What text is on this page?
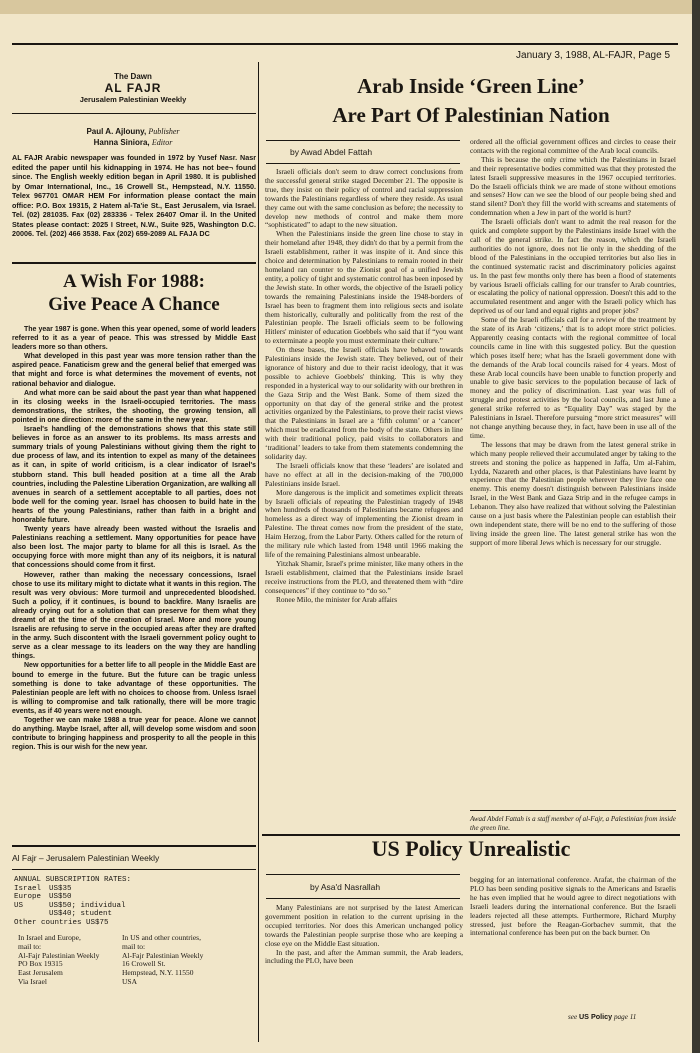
January 3, 1988, AL-FAJR, Page 5
The Dawn
AL FAJR
Jerusalem Palestinian Weekly
Paul A. Ajlouny, Publisher
Hanna Siniora, Editor
AL FAJR Arabic newspaper was founded in 1972 by Yusef Nasr. Nasr edited the paper until his kidnapping in 1974. He has not bee¬ found since. The English weekly edition began in April 1980. It is published by Omar International, Inc., 16 Crowell St., Hempstead, N.Y. 11550. Telex 967701 OMAR HEM For information please contact the main office: P.O. Box 19315, 2 Hatem al-Ta'ie St., East Jerusalem, via Israel. Tel. (02) 281035. Fax (02) 283336 - Telex 26407 Omar il. In the United States please contact: 2025 I Street, N.W., Suite 925, Washington D.C. 20006. Tel. (202) 466 3538. Fax (202) 659-2089 AL FAJA DC
A Wish For 1988:
Give Peace A Chance

The year 1987 is gone. When this year opened, some of world leaders referred to it as a year of peace. This was stressed by Middle East leaders more so than others.

What developed in this past year was more tension rather than the aspired peace. Fanaticism grew and the general belief that emerged was that might and force is what determines the movement of events, not rational behavior and dialogue.

And what more can be said about the past year than what happened in its closing weeks in the Israeli-occupied territories. The mass demonstrations, the strikes, the shooting, the growing tension, all pointed in one direction: more of the same in the new year.

Israel's handling of the demonstrations shows that this state still believes in force as an answer to its problems. Its mass arrests and summary trials of young Palestinians without giving them the right to due process of law, and its intention to expel as many of the detainees as it can, in spite of world criticism, is a clear indicator of Israel's stubborn stand. This bull headed position at a time all the Arab countries, including the Palestine Liberation Organization, are walking all avenues in search of a settlement acceptable to all parties, does not bode well for the coming year. Israel has choosen to build hate in the hearts of the young Palestinians, rather than faith in a bright and honorable future.

Twenty years have already been wasted without the Israelis and Palestinians reaching a settlement. Many opportunities for peace have also been lost. The major party to blame for all this is Israel. As the occupying force with more might than any of its neigbors, it is natural that concessions should come from it first.

However, rather than making the necessary concessions, Israel chose to use its military might to dictate what it wants in this region. The result was very obvious: More turmoil and unprecedented bloodshed. Such a policy, if it continues, is bound to backfire. Many Israelis are already crying out for a solution that can preserve for them what they dreamt of at the time of the creation of Israel. More and more young Israelis are refusing to serve in the occupied areas after they are drafted in the army. Such discontent with the Israeli government policy ought to serve as a clear message to its leaders on the way they are handling things.

New opportunities for a better life to all people in the Middle East are bound to emerge in the future. But the future can be tragic unless something is done to take advantage of these opportunities. The Palestinian people are left with no choices to choose from. Unless Israel is willing to compromise and talk rationally, there will be more tragic events, as if 40 years were not enough.

Together we can make 1988 a true year for peace. Alone we cannot do anything. Maybe Israel, after all, will develop some wisdom and soon contribute to bringing happiness and prosperity to all the people in this region. This is our wish for the new year.

Al Fajr – Jerusalem Palestinian Weekly
ANNUAL SUBSCRIPTION RATES:
Israel	US$35
Europe	US$50
US	US$50; individual
	US$40; student
Other countries US$75
In Israel and Europe,
mail to:
Al-Fajr Palestinian Weekly
PO Box 19315
East Jerusalem
Via Israel
In US and other countries,
mail to:
Al-Fajr Palestinian Weekly
16 Crowell St.
Hempstead, N.Y. 11550
USA
Arab Inside ‘Green Line’
Are Part Of Palestinian Nation
by Awad Abdel Fattah

Israeli officials don't seem to draw correct conclusions from the successful general strike staged December 21. The opposite is true, they insist on their policy of control and racial suppression towards the Palestinians regardless of where they reside. As usual they came out with the same conclusion as before; the necessity to develop new methods of control and make them more “sophisticated” to adapt to the new situation.

When the Palestinians inside the green line chose to stay in their homeland after 1948, they didn't do that by a permit from the Israeli establishment, rather it was inspite of it. And since this choice and determination by Palestinians to remain rooted in their homeland ran counter to the Zionist goal of a unified Jewish entity, a policy of tight and systematic control has been inposed by the Jewish state. In other words, the objective of the Israeli policy towards the remaining Palestinians inside the 1948-borders of Israel has been to fragment them into religious sects and isolate them historically, culturally and politically from the rest of the Palestinian people. The Israeli officials seem to be following Hitlers' minister of education Goebbels who said that if “you want to exterminate a people you must exterminate their culture.”

On these bases, the Israeli officials have behaved towards Palestinians inside the Jewish state. They believed, out of their ignorance of history and due to their racist ideology, that it was possible to achieve Goebbels' thinking. This is why they responded in a hysterical way to our solidarity with our brethren in the Gaza Strip and the West Bank. Some of them sized the opportunity on that day of the general strike and the protest activities organized by the Palestinians, to prove their racist views that the Palestinians in Israel are a ‘fifth column’ or a ‘cancer’ which must be eradicated from the body of the state. Others in line with their traditional policy, paid visits to collaborators and ‘traditional’ leaders to take from them statements condemning the solidarity day.

The Israeli officials know that these ‘leaders’ are isolated and have no effect at all in the decision-making of the 700,000 Palestinians inside Israel.

More dangerous is the implicit and sometimes explicit threats by Israeli officials of repeating the Palestinian tragedy of 1948 when hundreds of thousands of Palestinians became refugees and homeless as a direct way of implementing the Zionist dream in Palestine. The threat comes now from the president of the state, Haim Herzog, from the Labor Party. Others called for the return of the military rule which lasted from 1948 until 1966 making the life of the remaining Palestinians almost unbearable.

Yitzhak Shamir, Israel's prime minister, like many others in the Israeli establishment, claimed that the Palestinians inside Israel receive instructions from the PLO, and threatened them with “dire consequences” if they continue to “do so.”

Ronee Milo, the minister for Arab affairs

ordered all the official government offices and circles to cease their contacts with the regional committee of the Arab local councils.

This is because the only crime which the Palestinians in Israel and their representative bodies committed was that they protested the latest Israeli suppressive measures in the 1967 occupied territories. Do the Israeli officials think we are made of stone without emotions and senses? How can we see the blood of our people being shed and stand silent? Don't they fill the world with screams and statements of condemnation when a Jew in part of the world is hurt?

The Israeli officials don't want to admit the real reason for the quick and complete support by the Palestinians inside Israel with the call of the general strike. In fact the reason, which the Israeli authorities do not ignore, does not lie only in the shedding of the blood of the Palestinians in the occupied territories but also lies in the continued systematic racist and discriminatory policies against us. In the past few months only there has been a flood of statements by various Israeli officials calling for our transfer to Arab countries, or escalating the policy of national oppression. Doesn't this add to the accumulated resentment and anger with the Israeli policy which has deprived us of our land and equal rights and proper jobs?

Some of the Israeli officials call for a review of the treatment by the state of its Arab ‘citizens,’ that is to adopt more strict policies. Apparently ceasing contacts with the regional committee of local councils came in line with this suggested policy. But the question which poses itself here; what has the Israeli government done with the demands of the Arab local councils raised for 4 years. Most of these Arab local councils have been unable to function properly and unable to give basic services to the population because of lack of money and the policy of discrimination. Last year was full of struggle and protest activities by the local councils, and last June a general strike referred to as “Equality Day” was staged by the Palestinians in Israel. Therefore pursuing “more strict measures” will not change anything because they, in fact, have been in use all of the time.

The lessons that may be drawn from the latest general strike in which many people relieved their accumulated anger by taking to the streets and stoning the police as happened in Jaffa, Um al-Fahim, Lydda, Nazareth and other places, is that Palestinians have learnt by experience that the Palestinian people wherever they live face one enemy. This enemy doesn't distinguish between Palestinians inside Israel, in the West Bank and Gaza Strip and in the refugee camps in Lebanon. They also have realized that without solving the Palestinian cause on a just basis where the Palestinian people can establish their own independent state, there will be no end to the suffering of those living inside the green line. The latest general strike has won the support of more liberal Jews which is necessary for our struggle.

Awad Abdel Fattah is a staff member of al-Fajr, a Palestinian from inside the green line.
US Policy Unrealistic
by Asa'd Nasrallah

Many Palestinians are not surprised by the latest American government position in relation to the current uprising in the occupied territories. Nor does this American unchanged policy towards the Palestinian people surprise those who are keeping a close eye on the Middle East situation.

In the past, and after the Amman summit, the Arab leaders, including the PLO, have been

begging for an international conference. Arafat, the chairman of the PLO has been sending positive signals to the Americans and Israelis he has even implied that he would agree to direct negotiations with Israeli leaders during the international conference. But the Israeli leaders rejected all these attempts. Furthermore, Richard Murphy stressed, just before the Reagan-Gorbachev summit, that the international conference has been put on the back burner. On

see US Policy page 11
